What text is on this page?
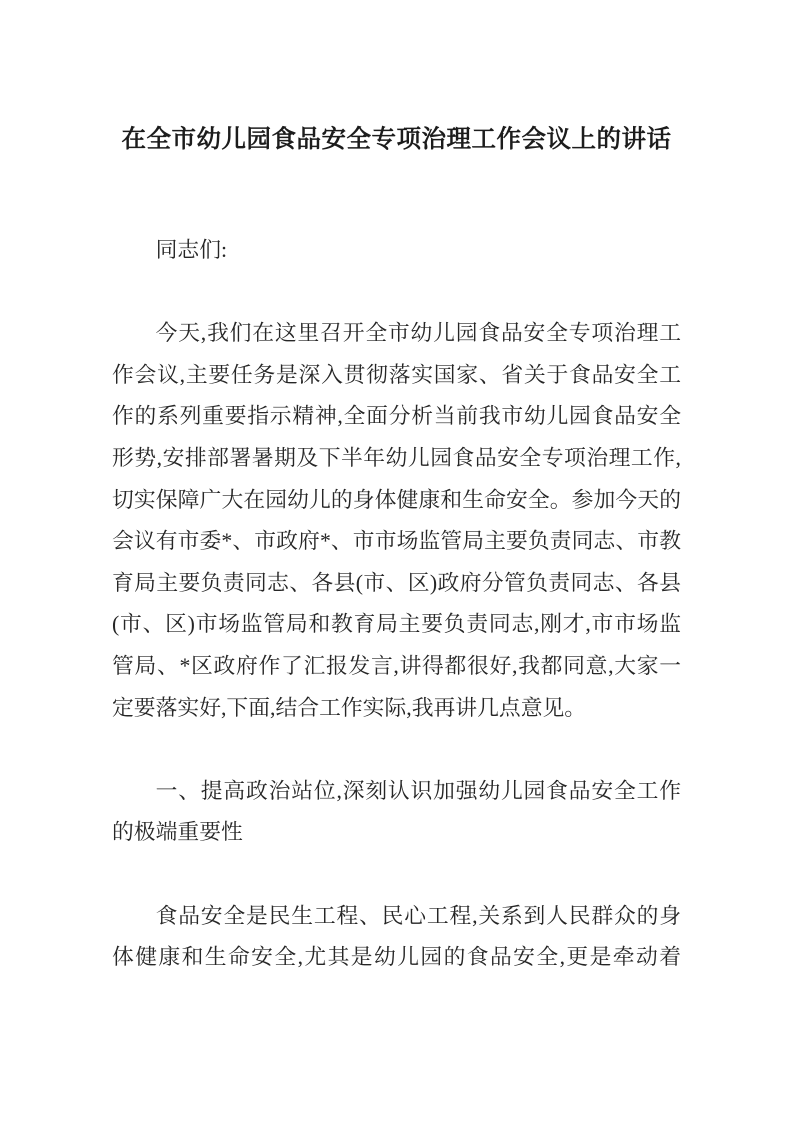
在全市幼儿园食品安全专项治理工作会议上的讲话

同志们:

今天,我们在这里召开全市幼儿园食品安全专项治理工作会议,主要任务是深入贯彻落实国家、省关于食品安全工作的系列重要指示精神,全面分析当前我市幼儿园食品安全形势,安排部署暑期及下半年幼儿园食品安全专项治理工作,切实保障广大在园幼儿的身体健康和生命安全。参加今天的会议有市委*、市政府*、市市场监管局主要负责同志、市教育局主要负责同志、各县(市、区)政府分管负责同志、各县(市、区)市场监管局和教育局主要负责同志,刚才,市市场监管局、*区政府作了汇报发言,讲得都很好,我都同意,大家一定要落实好,下面,结合工作实际,我再讲几点意见。

一、提高政治站位,深刻认识加强幼儿园食品安全工作的极端重要性

食品安全是民生工程、民心工程,关系到人民群众的身体健康和生命安全,尤其是幼儿园的食品安全,更是牵动着
